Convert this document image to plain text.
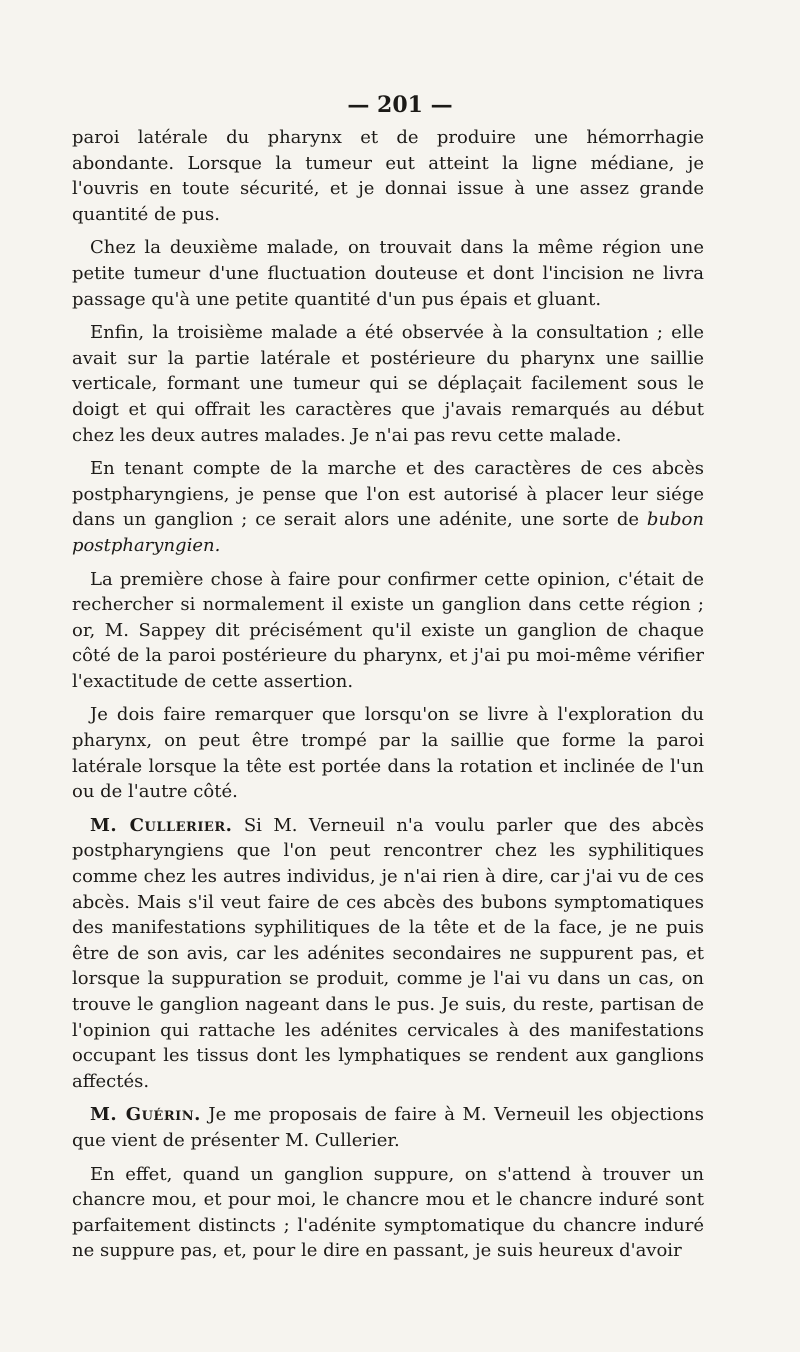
— 201 —

paroi latérale du pharynx et de produire une hémorrhagie abondante. Lorsque la tumeur eut atteint la ligne médiane, je l'ouvris en toute sécurité, et je donnai issue à une assez grande quantité de pus.

Chez la deuxième malade, on trouvait dans la même région une petite tumeur d'une fluctuation douteuse et dont l'incision ne livra passage qu'à une petite quantité d'un pus épais et gluant.

Enfin, la troisième malade a été observée à la consultation ; elle avait sur la partie latérale et postérieure du pharynx une saillie verticale, formant une tumeur qui se déplaçait facilement sous le doigt et qui offrait les caractères que j'avais remarqués au début chez les deux autres malades. Je n'ai pas revu cette malade.

En tenant compte de la marche et des caractères de ces abcès postpharyngiens, je pense que l'on est autorisé à placer leur siége dans un ganglion ; ce serait alors une adénite, une sorte de bubon postpharyngien.

La première chose à faire pour confirmer cette opinion, c'était de rechercher si normalement il existe un ganglion dans cette région ; or, M. Sappey dit précisément qu'il existe un ganglion de chaque côté de la paroi postérieure du pharynx, et j'ai pu moi-même vérifier l'exactitude de cette assertion.

Je dois faire remarquer que lorsqu'on se livre à l'exploration du pharynx, on peut être trompé par la saillie que forme la paroi latérale lorsque la tête est portée dans la rotation et inclinée de l'un ou de l'autre côté.

M. Cullerier. Si M. Verneuil n'a voulu parler que des abcès postpharyngiens que l'on peut rencontrer chez les syphilitiques comme chez les autres individus, je n'ai rien à dire, car j'ai vu de ces abcès. Mais s'il veut faire de ces abcès des bubons symptomatiques des manifestations syphilitiques de la tête et de la face, je ne puis être de son avis, car les adénites secondaires ne suppurent pas, et lorsque la suppuration se produit, comme je l'ai vu dans un cas, on trouve le ganglion nageant dans le pus. Je suis, du reste, partisan de l'opinion qui rattache les adénites cervicales à des manifestations occupant les tissus dont les lymphatiques se rendent aux ganglions affectés.

M. Guérin. Je me proposais de faire à M. Verneuil les objections que vient de présenter M. Cullerier.

En effet, quand un ganglion suppure, on s'attend à trouver un chancre mou, et pour moi, le chancre mou et le chancre induré sont parfaitement distincts ; l'adénite symptomatique du chancre induré ne suppure pas, et, pour le dire en passant, je suis heureux d'avoir
